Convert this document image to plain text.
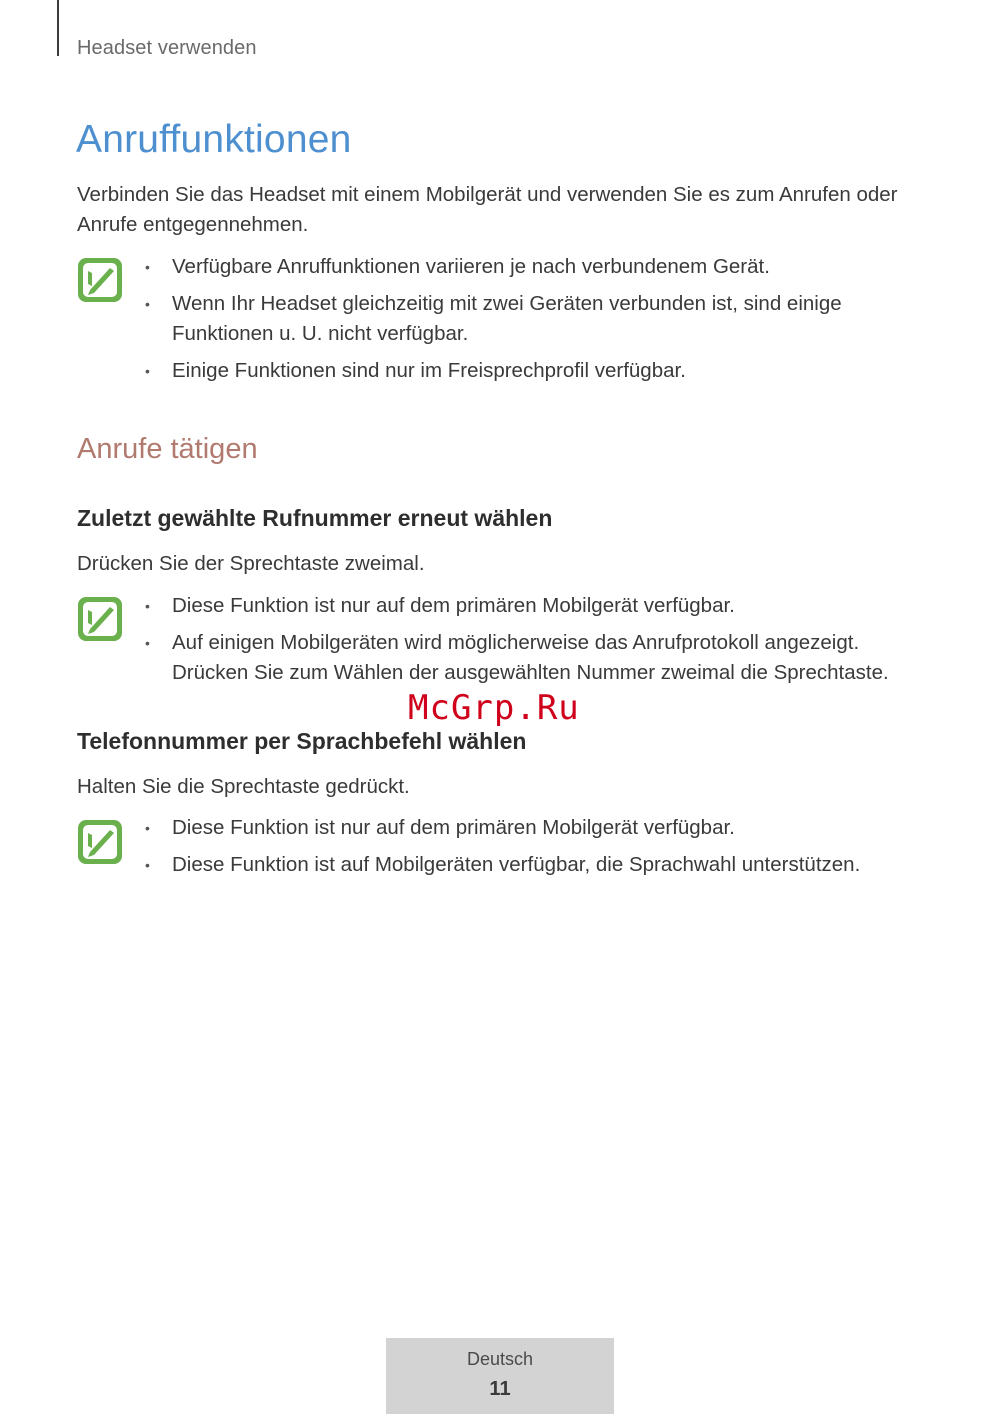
Headset verwenden
Anruffunktionen

Verbinden Sie das Headset mit einem Mobilgerät und verwenden Sie es zum Anrufen oder Anrufe entgegennehmen.

• Verfügbare Anruffunktionen variieren je nach verbundenem Gerät.
• Wenn Ihr Headset gleichzeitig mit zwei Geräten verbunden ist, sind einige Funktionen u. U. nicht verfügbar.
• Einige Funktionen sind nur im Freisprechprofil verfügbar.
Anrufe tätigen
Zuletzt gewählte Rufnummer erneut wählen

Drücken Sie der Sprechtaste zweimal.

• Diese Funktion ist nur auf dem primären Mobilgerät verfügbar.
• Auf einigen Mobilgeräten wird möglicherweise das Anrufprotokoll angezeigt. Drücken Sie zum Wählen der ausgewählten Nummer zweimal die Sprechtaste.
McGrp.Ru
Telefonnummer per Sprachbefehl wählen

Halten Sie die Sprechtaste gedrückt.

• Diese Funktion ist nur auf dem primären Mobilgerät verfügbar.
• Diese Funktion ist auf Mobilgeräten verfügbar, die Sprachwahl unterstützen.
Deutsch
11
